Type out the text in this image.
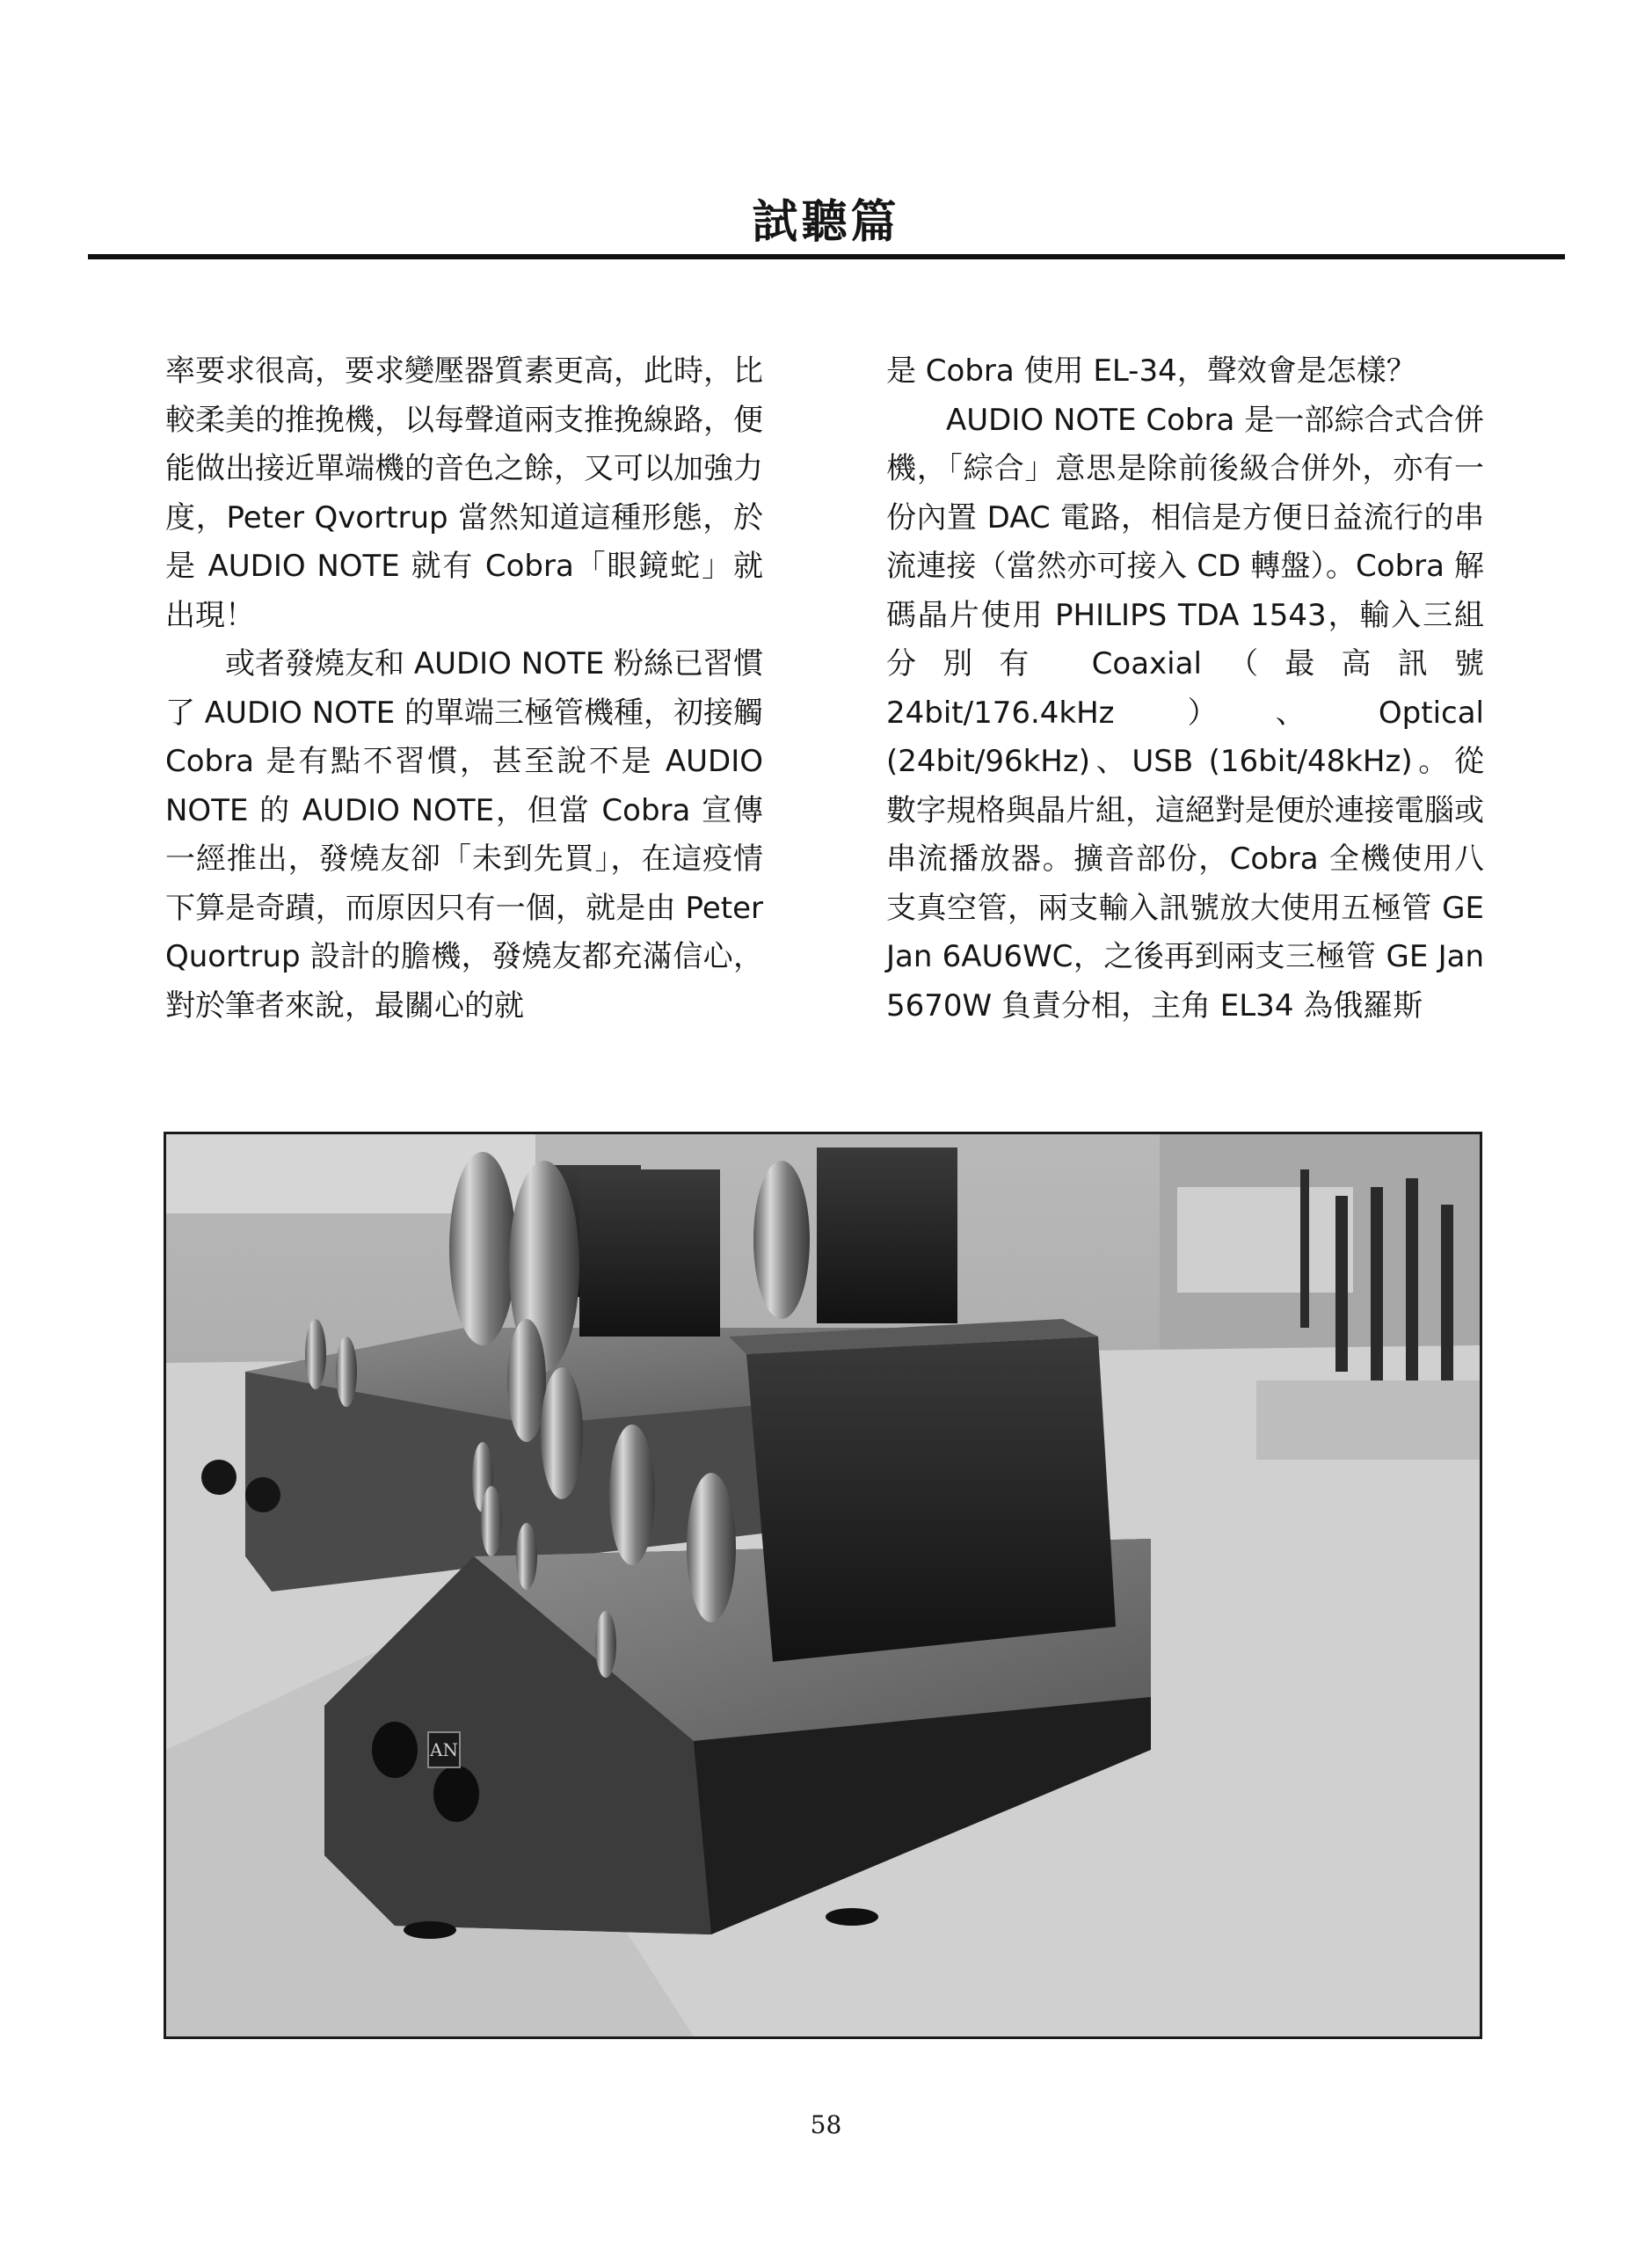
試聽篇

率要求很高，要求變壓器質素更高，此時，比較柔美的推挽機，以每聲道兩支推挽線路，便能做出接近單端機的音色之餘，又可以加強力度，Peter Qvortrup 當然知道這種形態，於是 AUDIO NOTE 就有 Cobra「眼鏡蛇」就出現！

或者發燒友和 AUDIO NOTE 粉絲已習慣了 AUDIO NOTE 的單端三極管機種，初接觸 Cobra 是有點不習慣，甚至說不是 AUDIO NOTE 的 AUDIO NOTE，但當 Cobra 宣傳一經推出，發燒友卻「未到先買」，在這疫情下算是奇蹟，而原因只有一個，就是由 Peter Quortrup 設計的膽機，發燒友都充滿信心，對於筆者來說，最關心的就

是 Cobra 使用 EL-34，聲效會是怎樣？

AUDIO NOTE Cobra 是一部綜合式合併機，「綜合」意思是除前後級合併外，亦有一份內置 DAC 電路，相信是方便日益流行的串流連接（當然亦可接入 CD 轉盤）。Cobra 解碼晶片使用 PHILIPS TDA 1543，輸入三組分別有 Coaxial（最高訊號 24bit/176.4kHz）、Optical (24bit/96kHz)、USB (16bit/48kHz)。從數字規格與晶片組，這絕對是便於連接電腦或串流播放器。擴音部份，Cobra 全機使用八支真空管，兩支輸入訊號放大使用五極管 GE Jan 6AU6WC，之後再到兩支三極管 GE Jan 5670W 負責分相，主角 EL34 為俄羅斯

AN
58
